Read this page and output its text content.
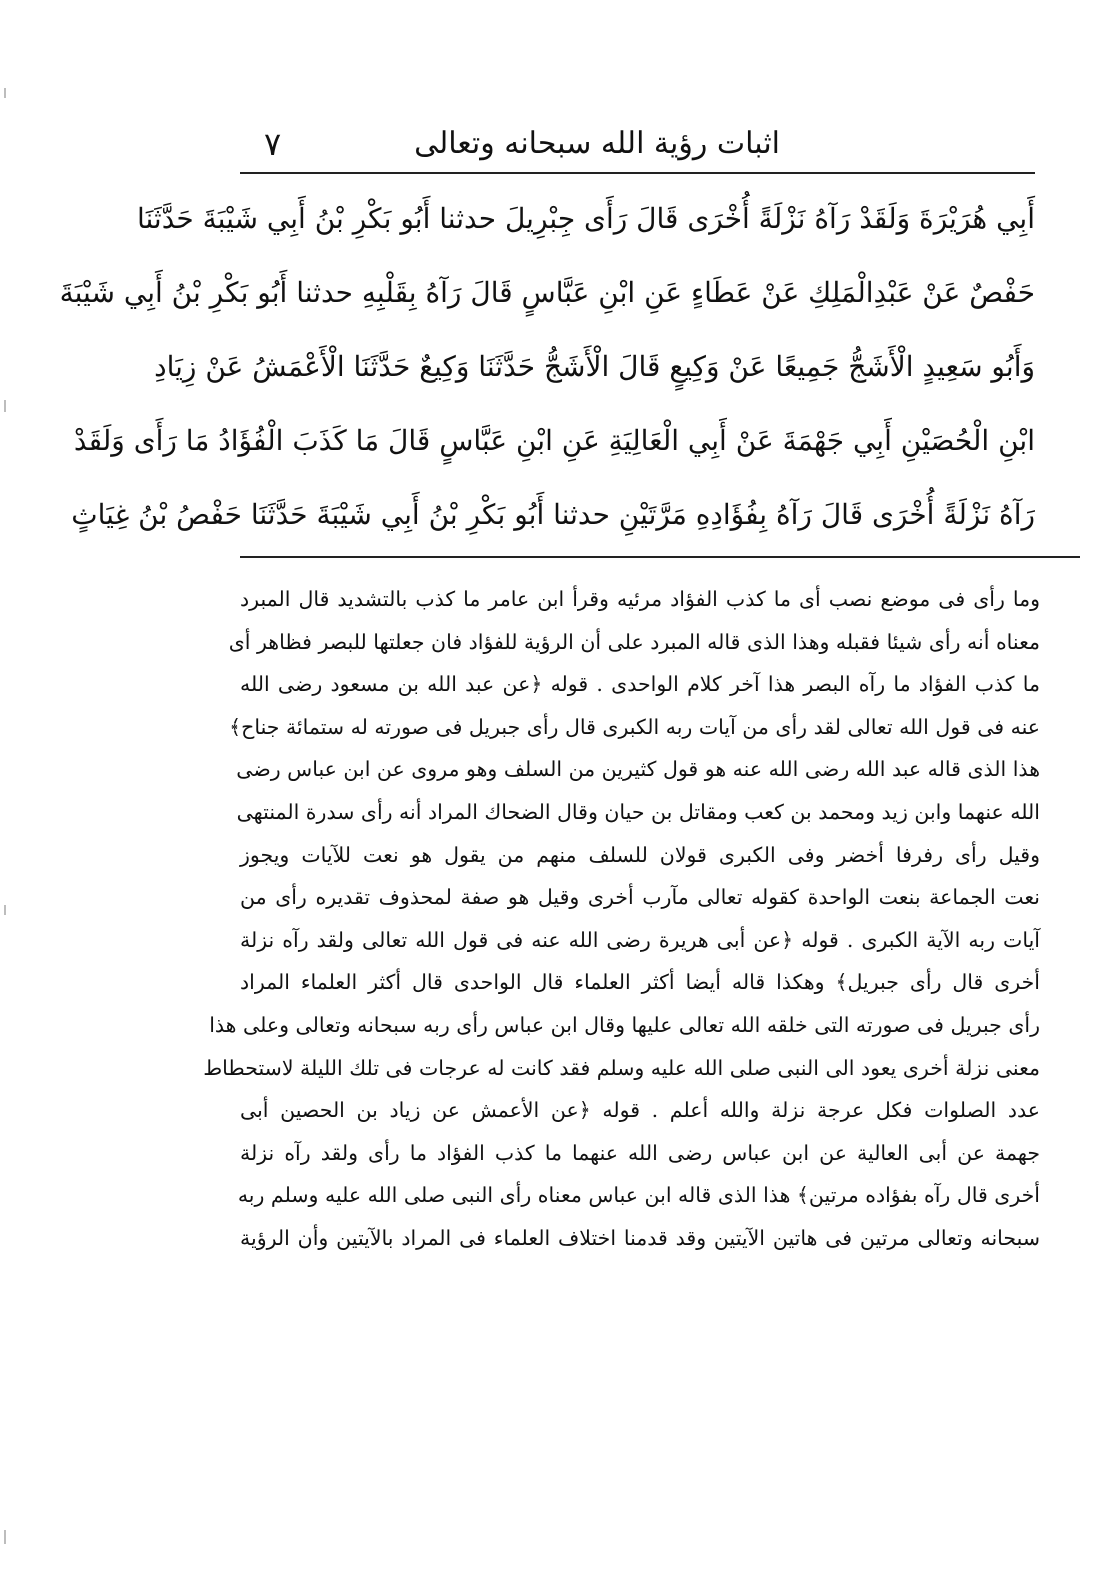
اثبات رؤية الله سبحانه وتعالى
٧
أَبِي هُرَيْرَةَ وَلَقَدْ رَآهُ نَزْلَةً أُخْرَى قَالَ رَأَى جِبْرِيلَ حدثنا أَبُو بَكْرِ بْنُ أَبِي شَيْبَةَ حَدَّثَنَا
حَفْصٌ عَنْ عَبْدِالْمَلِكِ عَنْ عَطَاءٍ عَنِ ابْنِ عَبَّاسٍ قَالَ رَآهُ بِقَلْبِهِ حدثنا أَبُو بَكْرِ بْنُ أَبِي شَيْبَةَ
وَأَبُو سَعِيدٍ الْأَشَجُّ جَمِيعًا عَنْ وَكِيعٍ قَالَ الْأَشَجُّ حَدَّثَنَا وَكِيعٌ حَدَّثَنَا الْأَعْمَشُ عَنْ زِيَادِ
ابْنِ الْحُصَيْنِ أَبِي جَهْمَةَ عَنْ أَبِي الْعَالِيَةِ عَنِ ابْنِ عَبَّاسٍ قَالَ مَا كَذَبَ الْفُؤَادُ مَا رَأَى وَلَقَدْ
رَآهُ نَزْلَةً أُخْرَى قَالَ رَآهُ بِفُؤَادِهِ مَرَّتَيْنِ حدثنا أَبُو بَكْرِ بْنُ أَبِي شَيْبَةَ حَدَّثَنَا حَفْصُ بْنُ غِيَاثٍ
وما رأى فى موضع نصب أى ما كذب الفؤاد مرئيه وقرأ ابن عامر ما كذب بالتشديد قال المبرد
معناه أنه رأى شيئا فقبله وهذا الذى قاله المبرد على أن الرؤية للفؤاد فان جعلتها للبصر فظاهر أى
ما كذب الفؤاد ما رآه البصر هذا آخر كلام الواحدى . قوله ﴿عن عبد الله بن مسعود رضى الله
عنه فى قول الله تعالى لقد رأى من آيات ربه الكبرى قال رأى جبريل فى صورته له ستمائة جناح﴾
هذا الذى قاله عبد الله رضى الله عنه هو قول كثيرين من السلف وهو مروى عن ابن عباس رضى
الله عنهما وابن زيد ومحمد بن كعب ومقاتل بن حيان وقال الضحاك المراد أنه رأى سدرة المنتهى
وقيل رأى رفرفا أخضر وفى الكبرى قولان للسلف منهم من يقول هو نعت للآيات ويجوز
نعت الجماعة بنعت الواحدة كقوله تعالى مآرب أخرى وقيل هو صفة لمحذوف تقديره رأى من
آيات ربه الآية الكبرى . قوله ﴿عن أبى هريرة رضى الله عنه فى قول الله تعالى ولقد رآه نزلة
أخرى قال رأى جبريل﴾ وهكذا قاله أيضا أكثر العلماء قال الواحدى قال أكثر العلماء المراد
رأى جبريل فى صورته التى خلقه الله تعالى عليها وقال ابن عباس رأى ربه سبحانه وتعالى وعلى هذا
معنى نزلة أخرى يعود الى النبى صلى الله عليه وسلم فقد كانت له عرجات فى تلك الليلة لاستحطاط
عدد الصلوات فكل عرجة نزلة والله أعلم . قوله ﴿عن الأعمش عن زياد بن الحصين أبى
جهمة عن أبى العالية عن ابن عباس رضى الله عنهما ما كذب الفؤاد ما رأى ولقد رآه نزلة
أخرى قال رآه بفؤاده مرتين﴾ هذا الذى قاله ابن عباس معناه رأى النبى صلى الله عليه وسلم ربه
سبحانه وتعالى مرتين فى هاتين الآيتين وقد قدمنا اختلاف العلماء فى المراد بالآيتين وأن الرؤية
